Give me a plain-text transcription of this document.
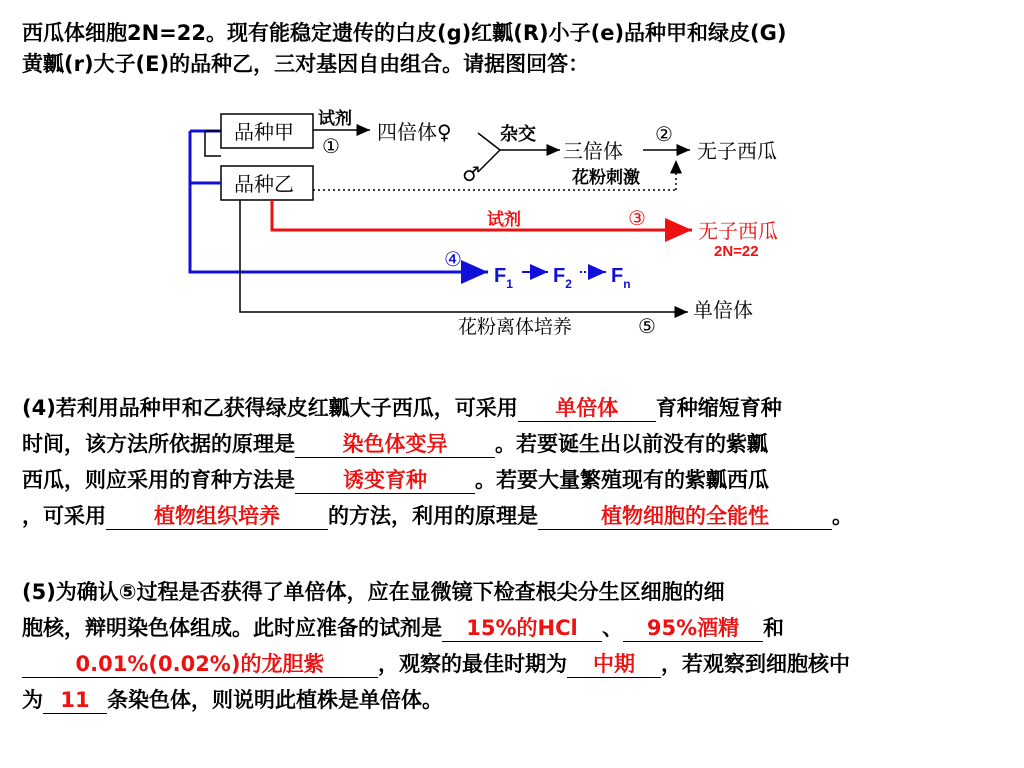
西瓜体细胞2N=22。现有能稳定遗传的白皮(g)红瓤(R)小子(e)品种甲和绿皮(G)
黄瓤(r)大子(E)的品种乙，三对基因自由组合。请据图回答：
品种甲
品种乙
试剂
①
四倍体♀
♂
杂交
三倍体
②
无子西瓜
花粉刺激
试剂	③
无子西瓜
2N=22
④
$F_1$ $F_2$ $F_n$
单倍体
花粉离体培养	⑤
(4)若利用品种甲和乙获得绿皮红瓤大子西瓜，可采用 单倍体 育种缩短育种
时间，该方法所依据的原理是 染色体变异 。若要诞生出以前没有的紫瓤
西瓜，则应采用的育种方法是 诱变育种 。若要大量繁殖现有的紫瓤西瓜
，可采用 植物组织培养 的方法，利用的原理是	植物细胞的全能性	。
(5)为确认⑤过程是否获得了单倍体，应在显微镜下检查根尖分生区细胞的细
胞核，辩明染色体组成。此时应准备的试剂是 15%的HCl 、 95%酒精 和
0.01%(0.02%)的龙胆紫	，观察的最佳时期为 中期 ，若观察到细胞核中
为 11 条染色体，则说明此植株是单倍体。
